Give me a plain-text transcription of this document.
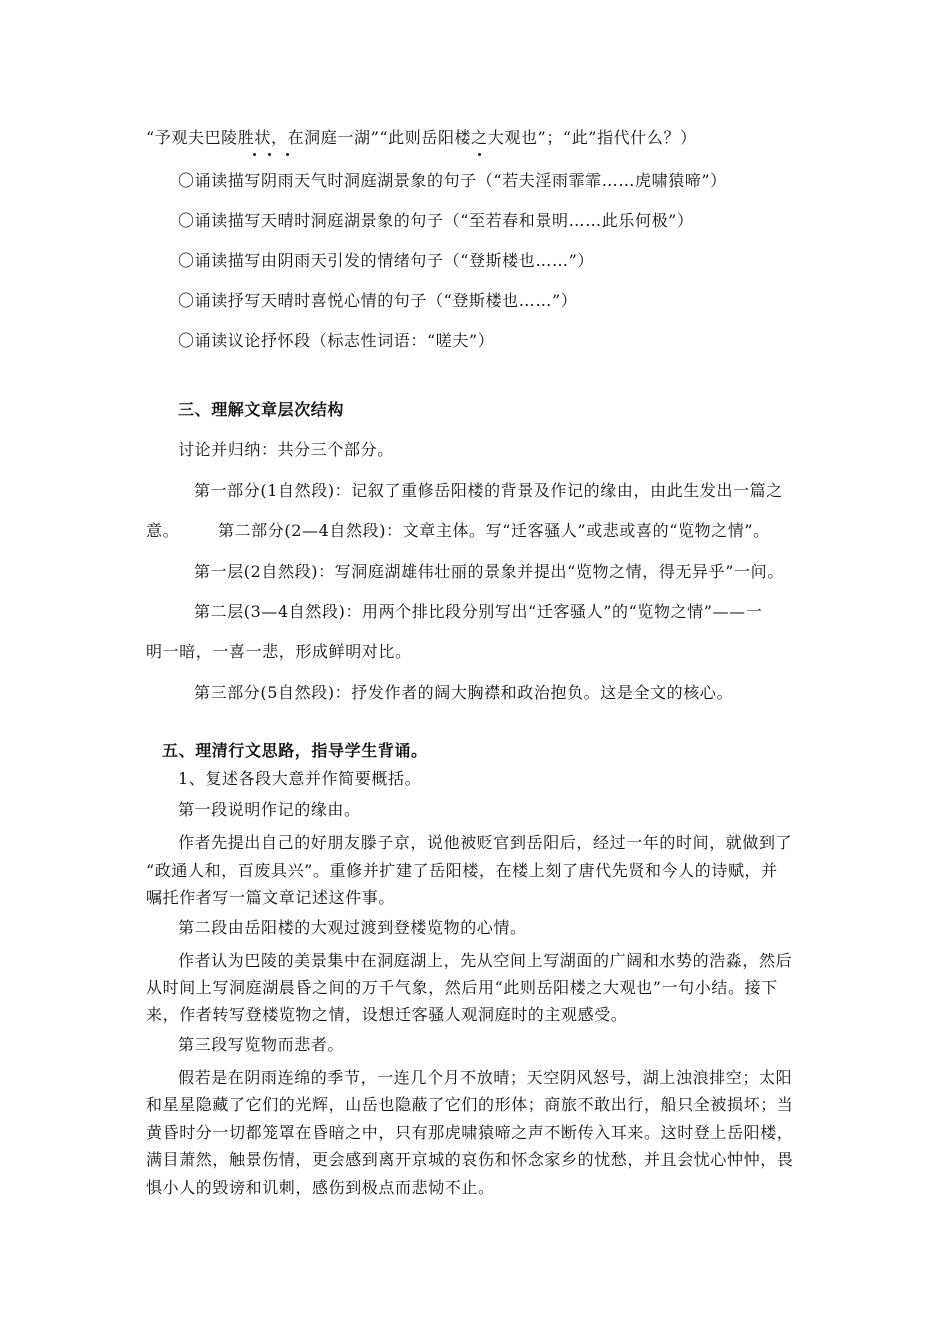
“予观夫巴陵胜状，在洞庭一湖”“此则岳阳楼之大观也”；“此”指代什么？）

〇诵读描写阴雨天气时洞庭湖景象的句子（“若夫淫雨霏霏……虎啸猿啼”）

〇诵读描写天晴时洞庭湖景象的句子（“至若春和景明……此乐何极”）

〇诵读描写由阴雨天引发的情绪句子（“登斯楼也……”）

〇诵读抒写天晴时喜悦心情的句子（“登斯楼也……”）

〇诵读议论抒怀段（标志性词语：“嗟夫”）

三、理解文章层次结构

讨论并归纳：共分三个部分。

第一部分(1自然段)：记叙了重修岳阳楼的背景及作记的缘由，由此生发出一篇之

意。 第二部分(2—4自然段)：文章主体。写“迁客骚人”或悲或喜的“览物之情”。

第一层(2自然段)：写洞庭湖雄伟壮丽的景象并提出“览物之情，得无异乎”一问。

第二层(3—4自然段)：用两个排比段分别写出“迁客骚人”的“览物之情”——一

明一暗，一喜一悲，形成鲜明对比。

第三部分(5自然段)：抒发作者的阔大胸襟和政治抱负。这是全文的核心。

五、理清行文思路，指导学生背诵。

1、复述各段大意并作简要概括。

第一段说明作记的缘由。

作者先提出自己的好朋友滕子京，说他被贬官到岳阳后，经过一年的时间，就做到了

“政通人和，百废具兴”。重修并扩建了岳阳楼，在楼上刻了唐代先贤和今人的诗赋，并

嘱托作者写一篇文章记述这件事。

第二段由岳阳楼的大观过渡到登楼览物的心情。

作者认为巴陵的美景集中在洞庭湖上，先从空间上写湖面的广阔和水势的浩淼，然后

从时间上写洞庭湖晨昏之间的万千气象，然后用“此则岳阳楼之大观也”一句小结。接下

来，作者转写登楼览物之情，设想迁客骚人观洞庭时的主观感受。

第三段写览物而悲者。

假若是在阴雨连绵的季节，一连几个月不放晴；天空阴风怒号，湖上浊浪排空；太阳

和星星隐藏了它们的光辉，山岳也隐蔽了它们的形体；商旅不敢出行，船只全被损坏；当

黄昏时分一切都笼罩在昏暗之中，只有那虎啸猿啼之声不断传入耳来。这时登上岳阳楼，

满目萧然，触景伤情，更会感到离开京城的哀伤和怀念家乡的忧愁，并且会忧心忡忡，畏

惧小人的毁谤和讥刺，感伤到极点而悲恸不止。
